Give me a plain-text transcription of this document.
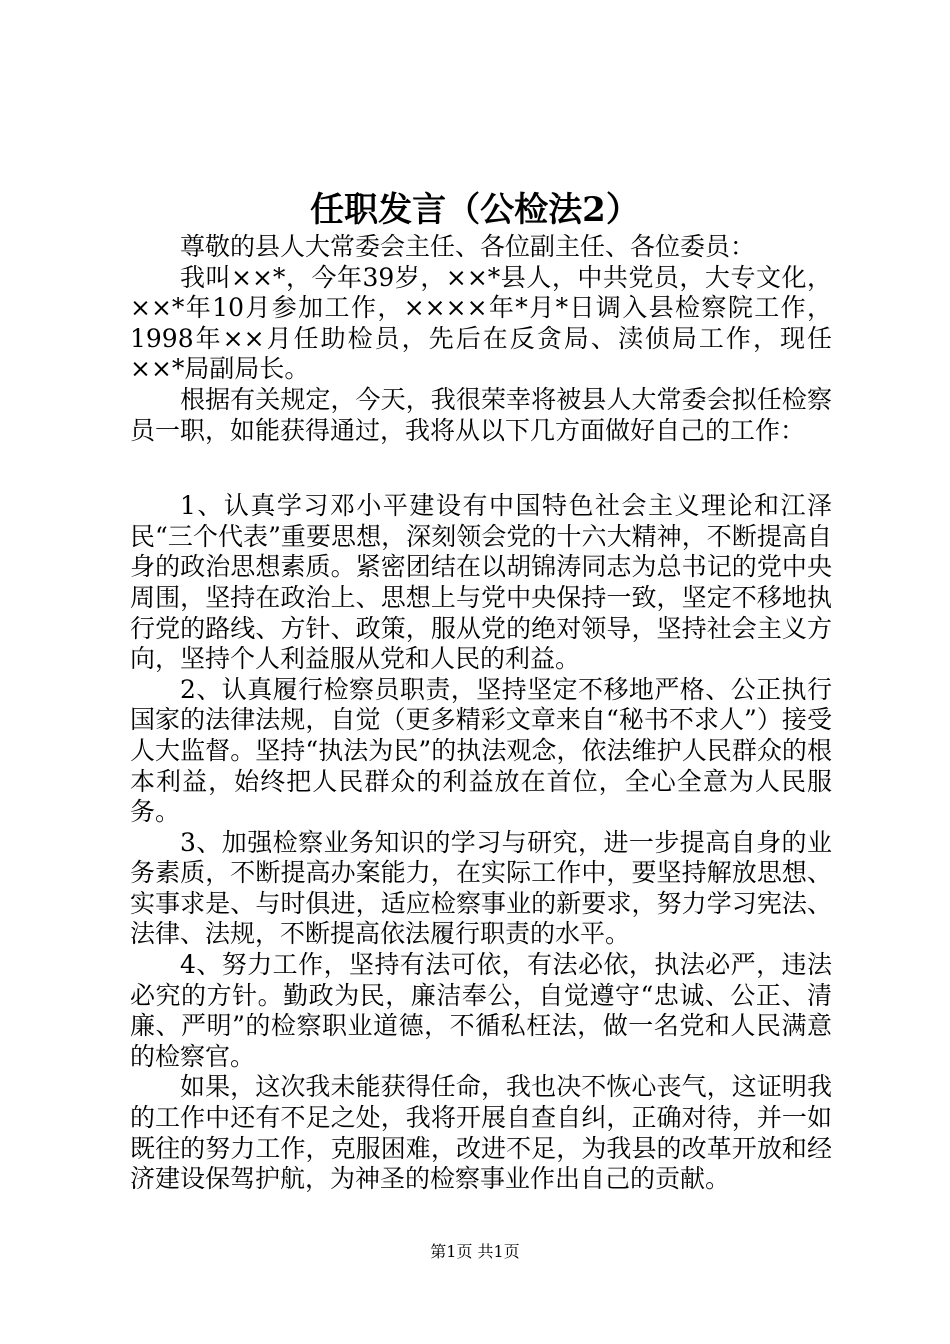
任职发言（公检法2）

尊敬的县人大常委会主任、各位副主任、各位委员：

我叫××*，今年39岁，××*县人，中共党员，大专文化，××*年10月参加工作，××××年*月*日调入县检察院工作，1998年××月任助检员，先后在反贪局、渎侦局工作，现任××*局副局长。

根据有关规定，今天，我很荣幸将被县人大常委会拟任检察员一职，如能获得通过，我将从以下几方面做好自己的工作：

1、认真学习邓小平建设有中国特色社会主义理论和江泽民“三个代表”重要思想，深刻领会党的十六大精神，不断提高自身的政治思想素质。紧密团结在以胡锦涛同志为总书记的党中央周围，坚持在政治上、思想上与党中央保持一致，坚定不移地执行党的路线、方针、政策，服从党的绝对领导，坚持社会主义方向，坚持个人利益服从党和人民的利益。

2、认真履行检察员职责，坚持坚定不移地严格、公正执行国家的法律法规，自觉（更多精彩文章来自“秘书不求人”）接受人大监督。坚持“执法为民”的执法观念，依法维护人民群众的根本利益，始终把人民群众的利益放在首位，全心全意为人民服务。

3、加强检察业务知识的学习与研究，进一步提高自身的业务素质，不断提高办案能力，在实际工作中，要坚持解放思想、实事求是、与时俱进，适应检察事业的新要求，努力学习宪法、法律、法规，不断提高依法履行职责的水平。

4、努力工作，坚持有法可依，有法必依，执法必严，违法必究的方针。勤政为民，廉洁奉公，自觉遵守“忠诚、公正、清廉、严明”的检察职业道德，不循私枉法，做一名党和人民满意的检察官。

如果，这次我未能获得任命，我也决不恢心丧气，这证明我的工作中还有不足之处，我将开展自查自纠，正确对待，并一如既往的努力工作，克服困难，改进不足，为我县的改革开放和经济建设保驾护航，为神圣的检察事业作出自己的贡献。

第1页 共1页
